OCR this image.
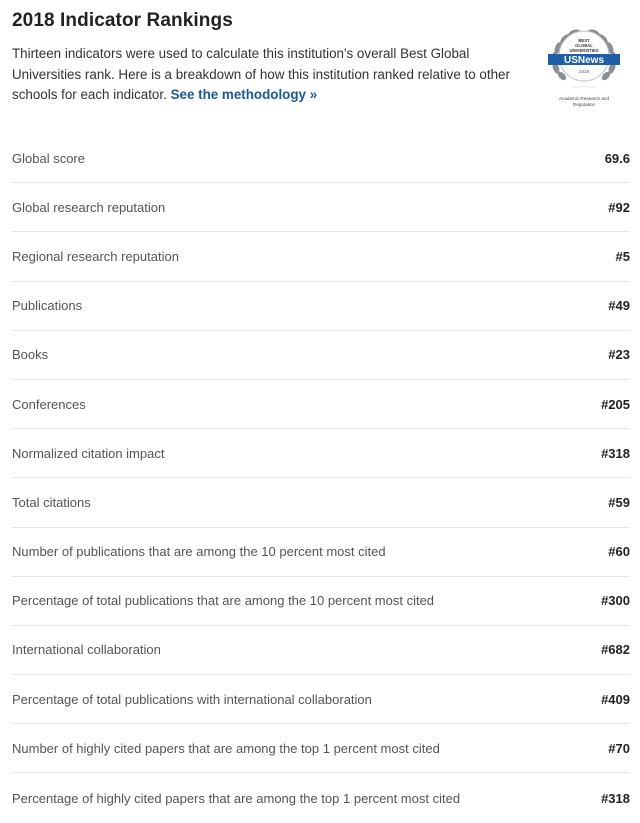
2018 Indicator Rankings
Thirteen indicators were used to calculate this institution's overall Best Global Universities rank. Here is a breakdown of how this institution ranked relative to other schools for each indicator. See the methodology »
BEST
GLOBAL
UNIVERSITIES
USNews
2018
Academic Research and
Reputation
Global score	69.6
Global research reputation	#92
Regional research reputation	#5
Publications	#49
Books	#23
Conferences	#205
Normalized citation impact	#318
Total citations	#59
Number of publications that are among the 10 percent most cited	#60
Percentage of total publications that are among the 10 percent most cited	#300
International collaboration	#682
Percentage of total publications with international collaboration	#409
Number of highly cited papers that are among the top 1 percent most cited	#70
Percentage of highly cited papers that are among the top 1 percent most cited	#318
